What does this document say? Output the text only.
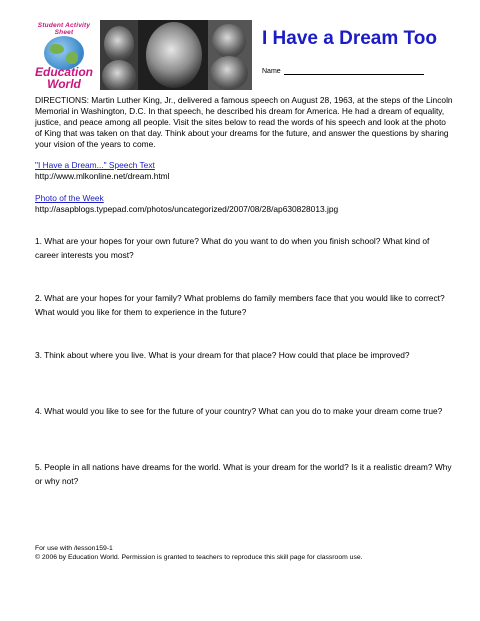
Student Activity Sheet
Education
World
I Have a Dream Too
Name
DIRECTIONS: Martin Luther King, Jr., delivered a famous speech on August 28, 1963, at the steps of the Lincoln Memorial in Washington, D.C. In that speech, he described his dream for America. He had a dream of equality, justice, and peace among all people. Visit the sites below to read the words of his speech and look at the photo of King that was taken on that day. Think about your dreams for the future, and answer the questions by sharing your vision of the years to come.
"I Have a Dream..." Speech Text
http://www.mlkonline.net/dream.html
Photo of the Week
http://asapblogs.typepad.com/photos/uncategorized/2007/08/28/ap630828013.jpg
1. What are your hopes for your own future? What do you want to do when you finish school? What kind of career interests you most?
2. What are your hopes for your family? What problems do family members face that you would like to correct? What would you like for them to experience in the future?
3. Think about where you live. What is your dream for that place? How could that place be improved?
4. What would you like to see for the future of your country? What can you do to make your dream come true?
5. People in all nations have dreams for the world. What is your dream for the world? Is it a realistic dream? Why or why not?
For use with /lesson159-1
© 2006 by Education World. Permission is granted to teachers to reproduce this skill page for classroom use.
